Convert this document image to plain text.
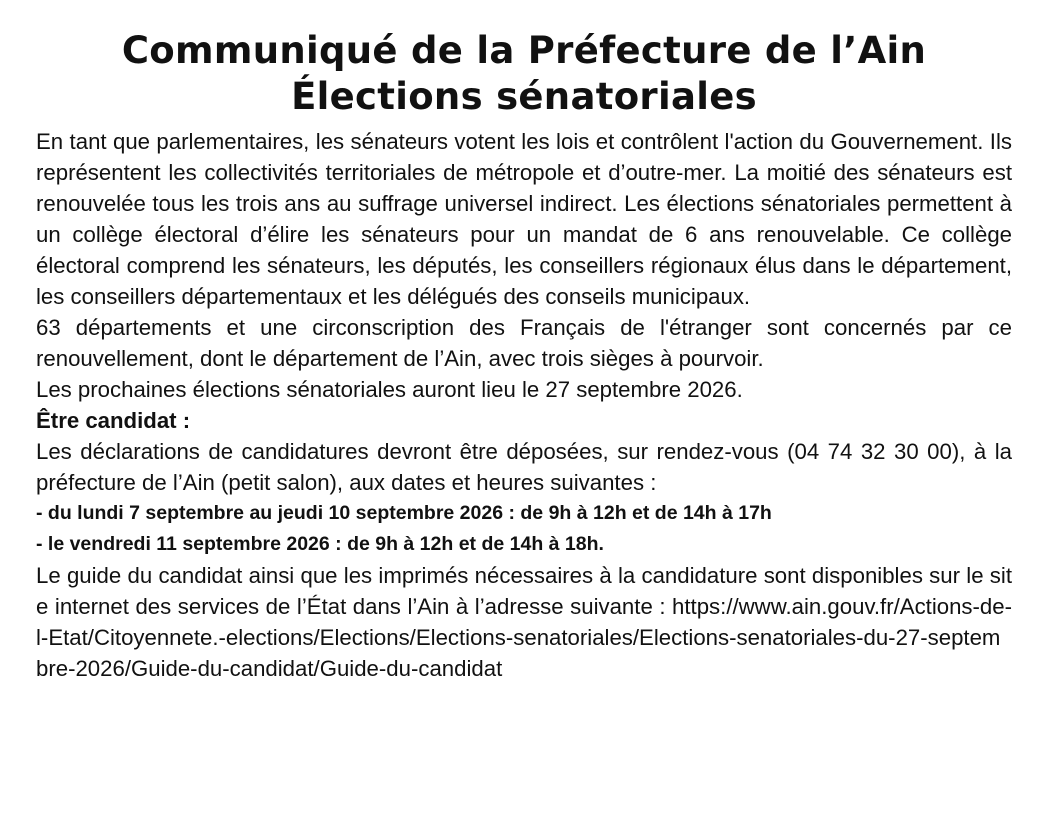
Communiqué de la Préfecture de l’Ain
Élections sénatoriales

En tant que parlementaires, les sénateurs votent les lois et contrôlent l'action du Gouvernement. Ils représentent les collectivités territoriales de métropole et d’outre-mer. La moitié des sénateurs est renouvelée tous les trois ans au suffrage universel indirect. Les élections sénatoriales permettent à un collège électoral d’élire les sénateurs pour un mandat de 6 ans renouvelable. Ce collège électoral comprend les sénateurs, les députés, les conseillers régionaux élus dans le département, les conseillers départementaux et les délégués des conseils municipaux.

63 départements et une circonscription des Français de l'étranger sont concernés par ce renouvellement, dont le département de l’Ain, avec trois sièges à pourvoir.

Les prochaines élections sénatoriales auront lieu le 27 septembre 2026.

Être candidat :

Les déclarations de candidatures devront être déposées, sur rendez-vous (04 74 32 30 00), à la préfecture de l’Ain (petit salon), aux dates et heures suivantes :

- du lundi 7 septembre au jeudi 10 septembre 2026 : de 9h à 12h et de 14h à 17h

- le vendredi 11 septembre 2026 : de 9h à 12h et de 14h à 18h.

Le guide du candidat ainsi que les imprimés nécessaires à la candidature sont disponibles sur le site internet des services de l’État dans l’Ain à l’adresse suivante : https://www.ain.gouv.fr/Actions-de-l-Etat/Citoyennete.-elections/Elections/Elections-senatoriales/Elections-senatoriales-du-27-septembre-2026/Guide-du-candidat/Guide-du-candidat
